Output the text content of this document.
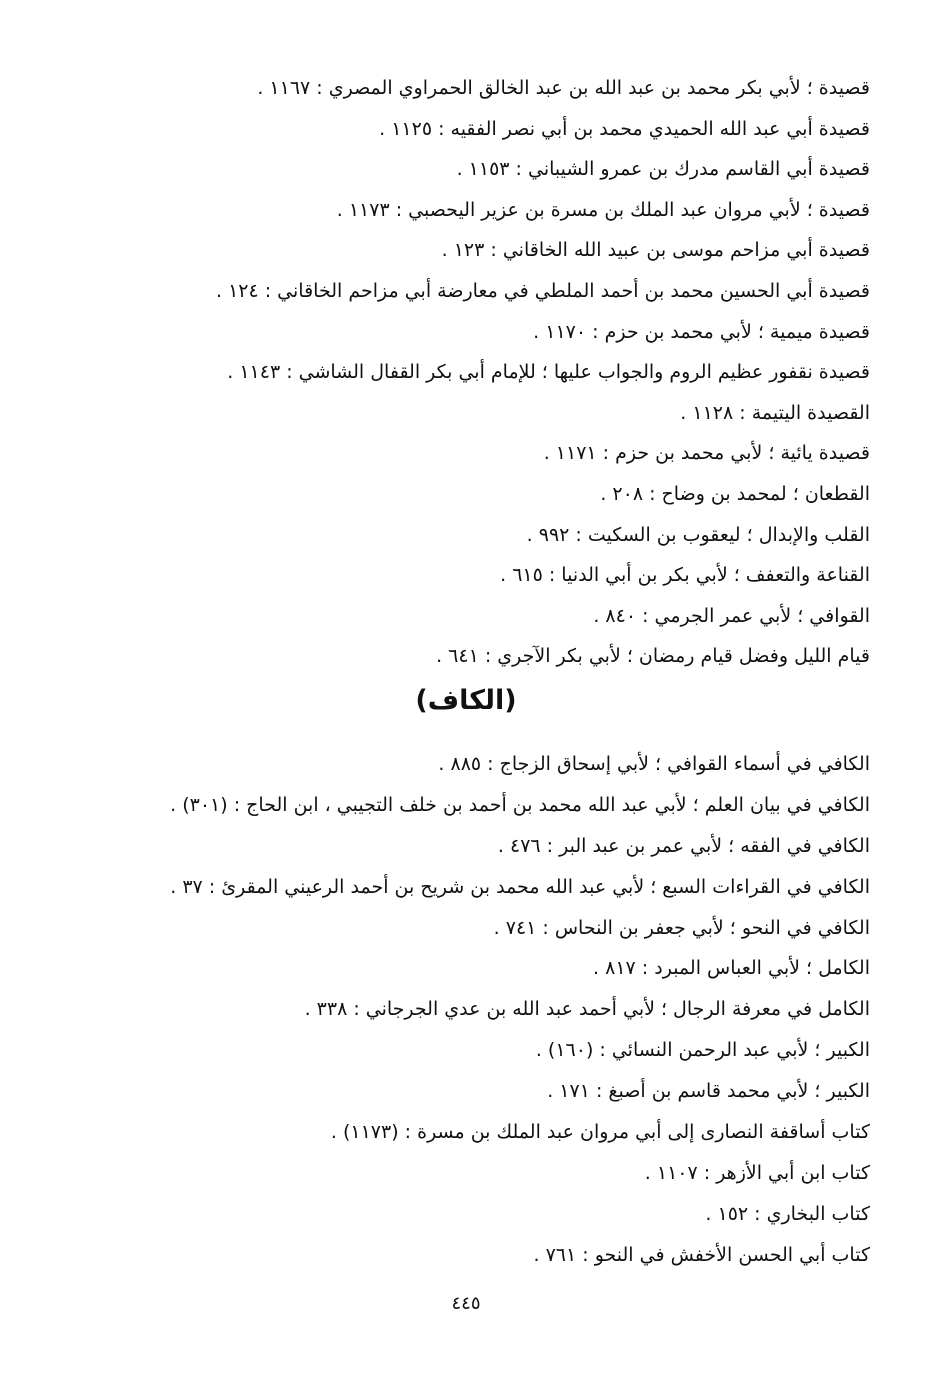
قصيدة ؛ لأبي بكر محمد بن عبد الله بن عبد الخالق الحمراوي المصري : ١١٦٧ .
قصيدة أبي عبد الله الحميدي محمد بن أبي نصر الفقيه : ١١٢٥ .
قصيدة أبي القاسم مدرك بن عمرو الشيباني : ١١٥٣ .
قصيدة ؛ لأبي مروان عبد الملك بن مسرة بن عزير اليحصبي : ١١٧٣ .
قصيدة أبي مزاحم موسى بن عبيد الله الخاقاني : ١٢٣ .
قصيدة أبي الحسين محمد بن أحمد الملطي في معارضة أبي مزاحم الخاقاني : ١٢٤ .
قصيدة ميمية ؛ لأبي محمد بن حزم : ١١٧٠ .
قصيدة نقفور عظيم الروم والجواب عليها ؛ للإمام أبي بكر القفال الشاشي : ١١٤٣ .
القصيدة اليتيمة : ١١٢٨ .
قصيدة يائية ؛ لأبي محمد بن حزم : ١١٧١ .
القطعان ؛ لمحمد بن وضاح : ٢٠٨ .
القلب والإبدال ؛ ليعقوب بن السكيت : ٩٩٢ .
القناعة والتعفف ؛ لأبي بكر بن أبي الدنيا : ٦١٥ .
القوافي ؛ لأبي عمر الجرمي : ٨٤٠ .
قيام الليل وفضل قيام رمضان ؛ لأبي بكر الآجري : ٦٤١ .
(الكاف)
الكافي في أسماء القوافي ؛ لأبي إسحاق الزجاج : ٨٨٥ .
الكافي في بيان العلم ؛ لأبي عبد الله محمد بن أحمد بن خلف التجيبي ، ابن الحاج : (٣٠١) .
الكافي في الفقه ؛ لأبي عمر بن عبد البر : ٤٧٦ .
الكافي في القراءات السبع ؛ لأبي عبد الله محمد بن شريح بن أحمد الرعيني المقرئ : ٣٧ .
الكافي في النحو ؛ لأبي جعفر بن النحاس : ٧٤١ .
الكامل ؛ لأبي العباس المبرد : ٨١٧ .
الكامل في معرفة الرجال ؛ لأبي أحمد عبد الله بن عدي الجرجاني : ٣٣٨ .
الكبير ؛ لأبي عبد الرحمن النسائي : (١٦٠) .
الكبير ؛ لأبي محمد قاسم بن أصبغ : ١٧١ .
كتاب أساقفة النصارى إلى أبي مروان عبد الملك بن مسرة : (١١٧٣) .
كتاب ابن أبي الأزهر : ١١٠٧ .
كتاب البخاري : ١٥٢ .
كتاب أبي الحسن الأخفش في النحو : ٧٦١ .
٤٤٥
